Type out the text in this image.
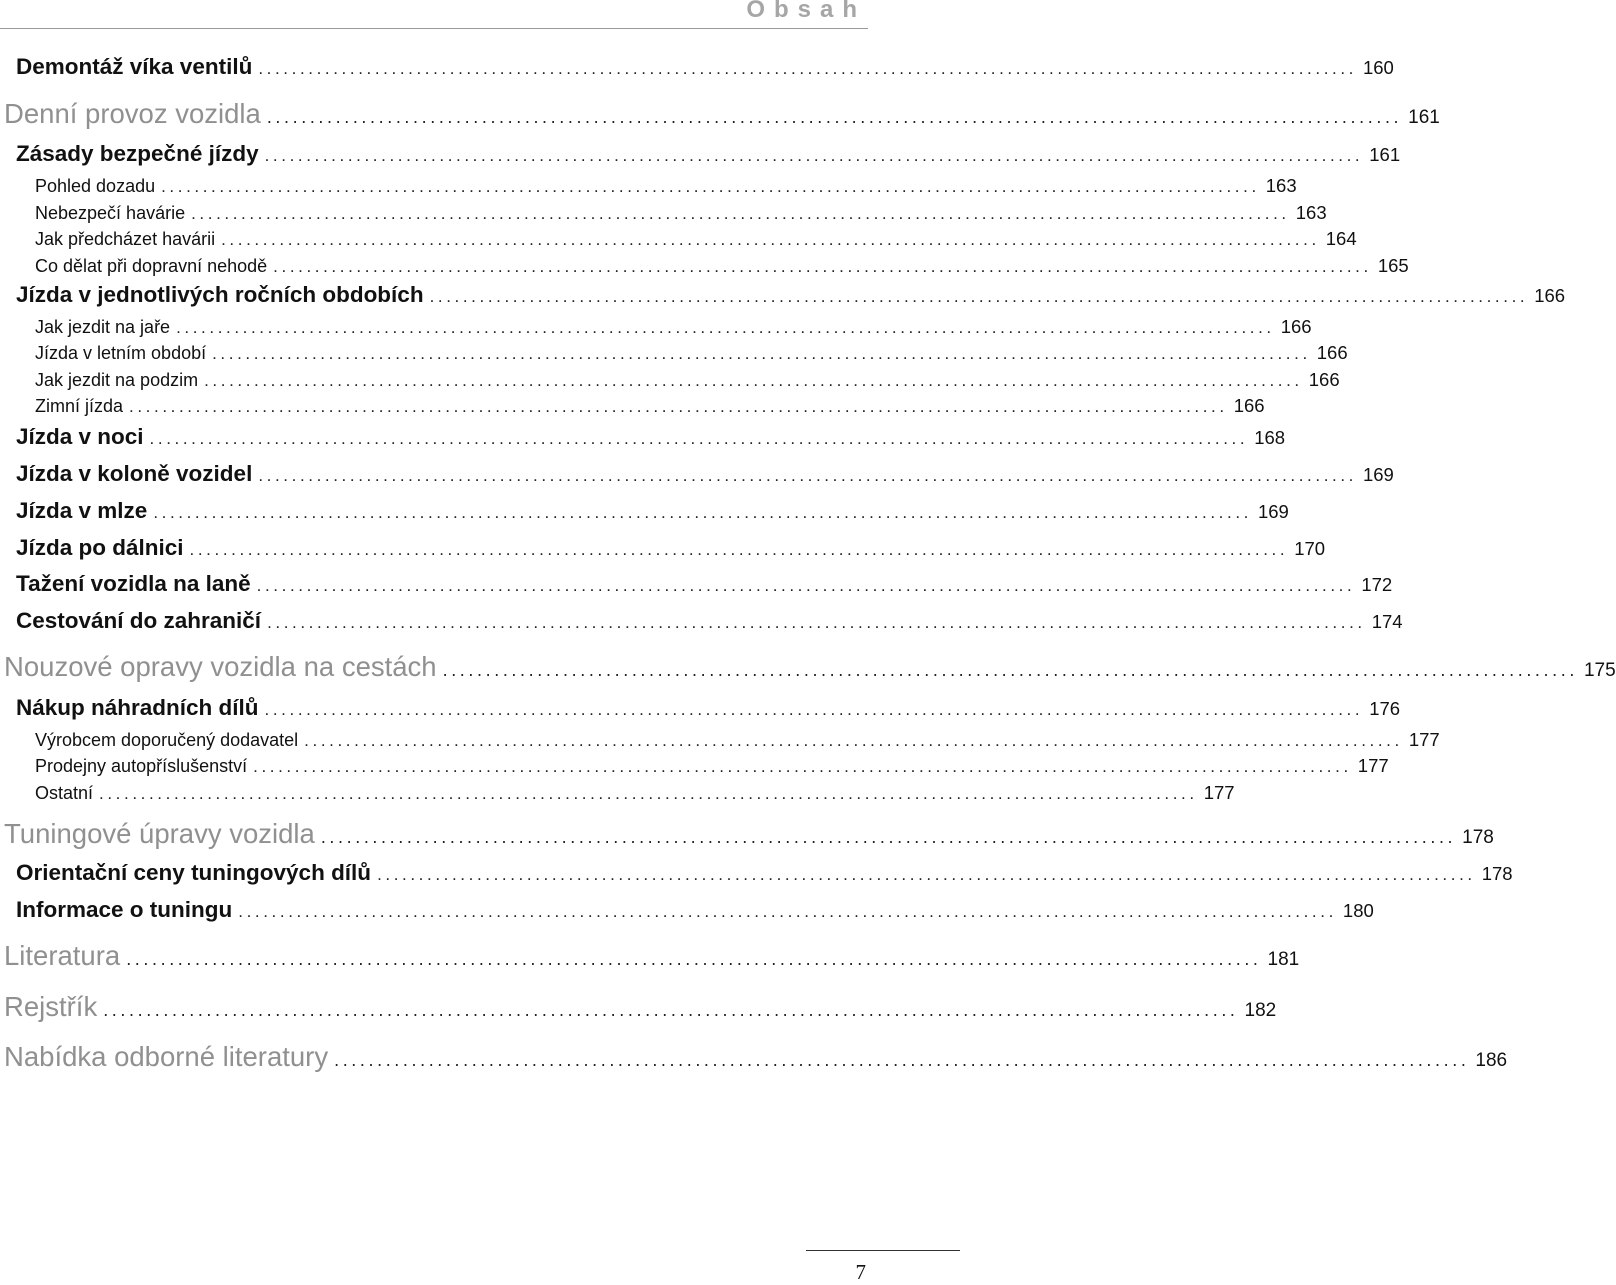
Obsah
Demontáž víka ventilů .................................................................................................................................... 160
Denní provoz vozidla .................................................................................................................................... 161
Zásady bezpečné jízdy .................................................................................................................................... 161
Pohled dozadu .................................................................................................................................... 163
Nebezpečí havárie .................................................................................................................................... 163
Jak předcházet havárii .................................................................................................................................... 164
Co dělat při dopravní nehodě .................................................................................................................................... 165
Jízda v jednotlivých ročních obdobích .................................................................................................................................... 166
Jak jezdit na jaře .................................................................................................................................... 166
Jízda v letním období .................................................................................................................................... 166
Jak jezdit na podzim .................................................................................................................................... 166
Zimní jízda .................................................................................................................................... 166
Jízda v noci .................................................................................................................................... 168
Jízda v koloně vozidel .................................................................................................................................... 169
Jízda v mlze .................................................................................................................................... 169
Jízda po dálnici .................................................................................................................................... 170
Tažení vozidla na laně .................................................................................................................................... 172
Cestování do zahraničí .................................................................................................................................... 174
Nouzové opravy vozidla na cestách .................................................................................................................................... 175
Nákup náhradních dílů .................................................................................................................................... 176
Výrobcem doporučený dodavatel .................................................................................................................................... 177
Prodejny autopříslušenství .................................................................................................................................... 177
Ostatní .................................................................................................................................... 177
Tuningové úpravy vozidla .................................................................................................................................... 178
Orientační ceny tuningových dílů .................................................................................................................................... 178
Informace o tuningu .................................................................................................................................... 180
Literatura .................................................................................................................................... 181
Rejstřík .................................................................................................................................... 182
Nabídka odborné literatury .................................................................................................................................... 186
7
